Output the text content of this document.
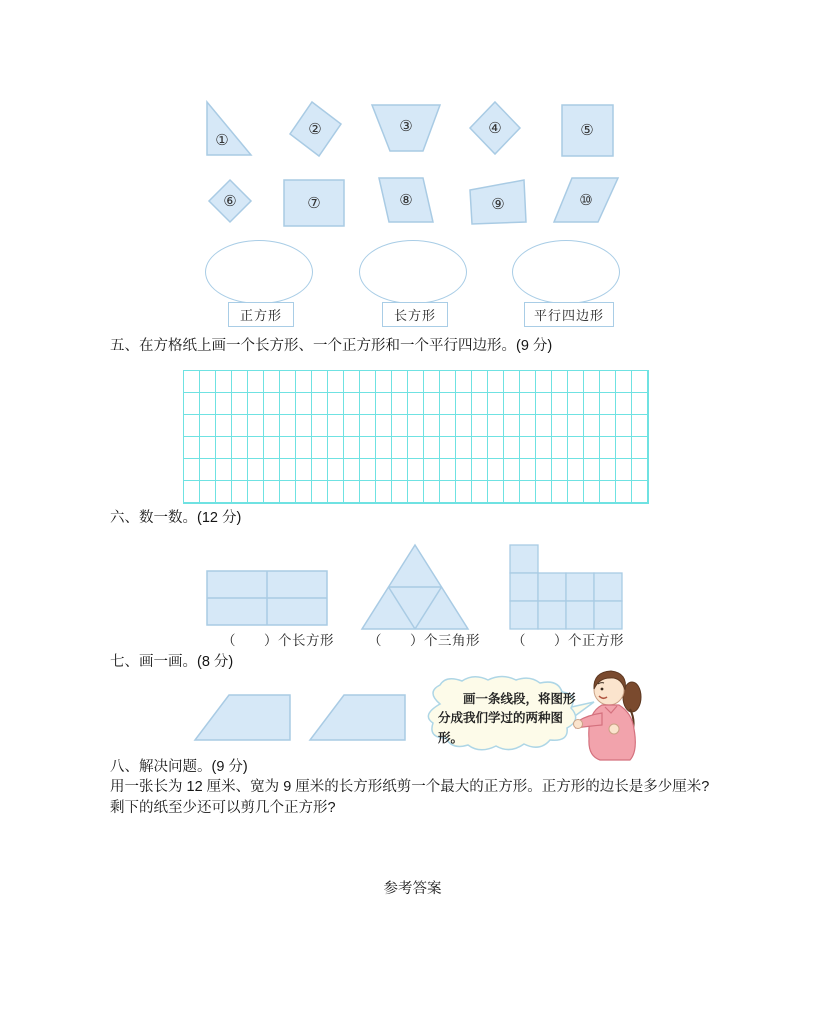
①
②	③	④	⑤
⑥	⑦	⑧	⑨	⑩
正方形	长方形	平行四边形
五、在方格纸上画一个长方形、一个正方形和一个平行四边形。(9 分)
六、数一数。(12 分)
（　　）个长方形	（　　）个三角形 （　　）个正方形
七、画一画。(8 分)
画一条线段，将图形分成我们学过的两种图形。
八、解决问题。(9 分)
用一张长为 12 厘米、宽为 9 厘米的长方形纸剪一个最大的正方形。正方形的边长是多少厘米?剩下的纸至少还可以剪几个正方形?
参考答案
